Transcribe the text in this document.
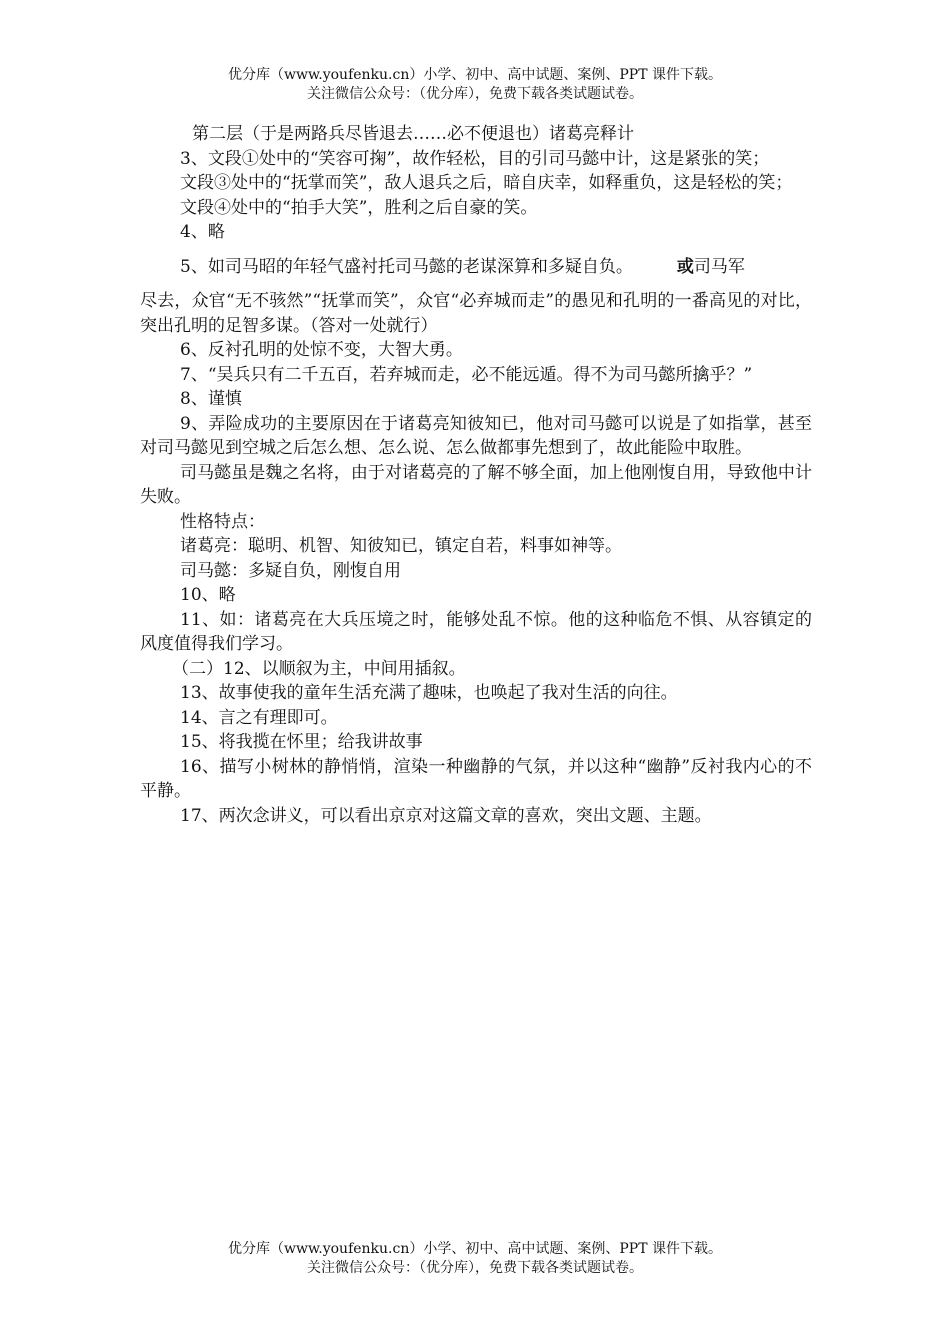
优分库（www.youfenku.cn）小学、初中、高中试题、案例、PPT 课件下载。
关注微信公众号：（优分库），免费下载各类试题试卷。

第二层（于是两路兵尽皆退去……必不便退也）诸葛亮释计

3、文段①处中的“笑容可掬”，故作轻松，目的引司马懿中计，这是紧张的笑；

文段③处中的“抚掌而笑”，敌人退兵之后，暗自庆幸，如释重负，这是轻松的笑；

文段④处中的“拍手大笑”，胜利之后自豪的笑。

4、略

5、如司马昭的年轻气盛衬托司马懿的老谋深算和多疑自负。	或司马军

尽去，众官“无不骇然”“抚掌而笑”，众官“必弃城而走”的愚见和孔明的一番高见的对比，突出孔明的足智多谋。（答对一处就行）

6、反衬孔明的处惊不变，大智大勇。

7、“吴兵只有二千五百，若弃城而走，必不能远遁。得不为司马懿所擒乎？”

8、谨慎

9、弄险成功的主要原因在于诸葛亮知彼知已，他对司马懿可以说是了如指掌，甚至对司马懿见到空城之后怎么想、怎么说、怎么做都事先想到了，故此能险中取胜。

司马懿虽是魏之名将，由于对诸葛亮的了解不够全面，加上他刚愎自用，导致他中计失败。

性格特点：

诸葛亮：聪明、机智、知彼知已，镇定自若，料事如神等。

司马懿：多疑自负，刚愎自用

10、略

11、如：诸葛亮在大兵压境之时，能够处乱不惊。他的这种临危不惧、从容镇定的风度值得我们学习。

（二）12、以顺叙为主，中间用插叙。

13、故事使我的童年生活充满了趣味，也唤起了我对生活的向往。

14、言之有理即可。

15、将我揽在怀里；给我讲故事

16、描写小树林的静悄悄，渲染一种幽静的气氛，并以这种“幽静”反衬我内心的不平静。

17、两次念讲义，可以看出京京对这篇文章的喜欢，突出文题、主题。

优分库（www.youfenku.cn）小学、初中、高中试题、案例、PPT 课件下载。
关注微信公众号：（优分库），免费下载各类试题试卷。
